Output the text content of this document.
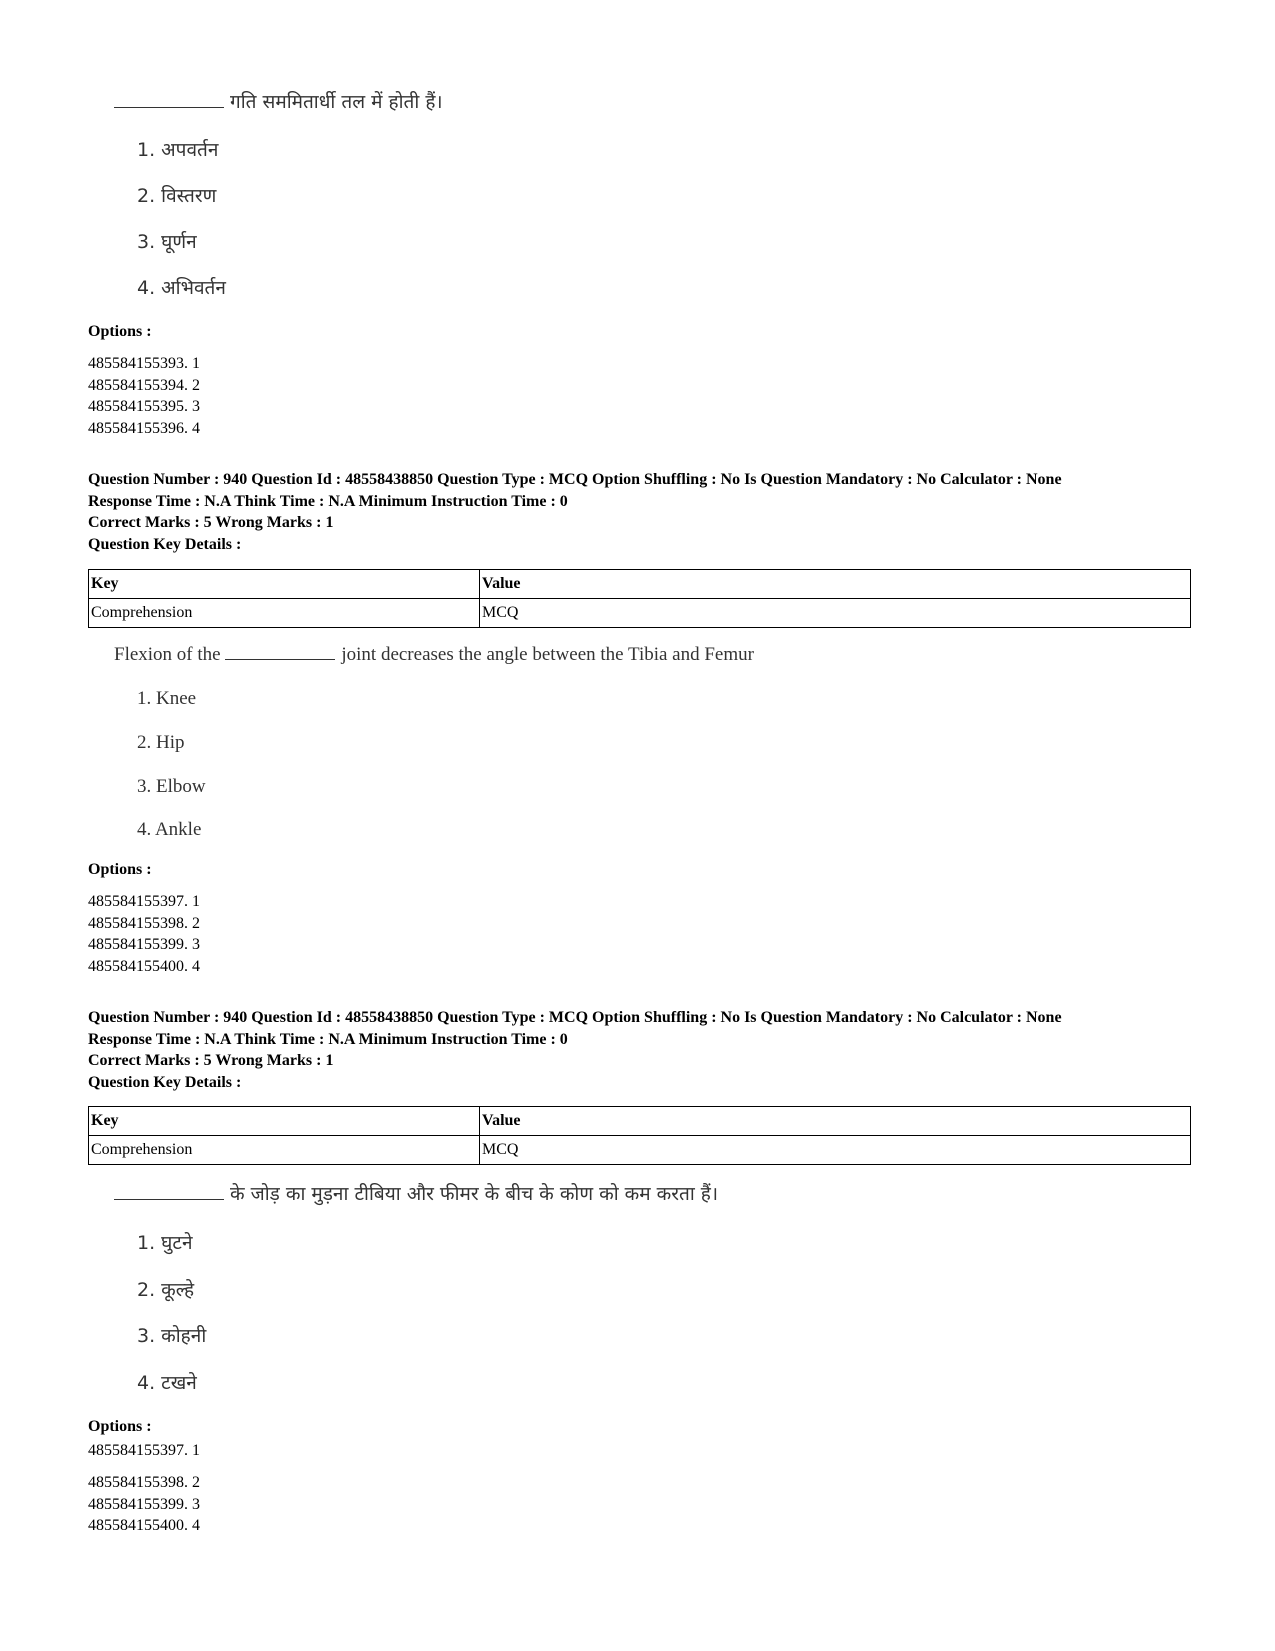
गति सममितार्धी तल में होती हैं।
1. अपवर्तन
2. विस्तरण
3. घूर्णन
4. अभिवर्तन
Options :
485584155393. 1
485584155394. 2
485584155395. 3
485584155396. 4
Question Number : 940 Question Id : 48558438850 Question Type : MCQ Option Shuffling : No Is Question Mandatory : No Calculator : None
Response Time : N.A Think Time : N.A Minimum Instruction Time : 0
Correct Marks : 5 Wrong Marks : 1
Question Key Details :
Key	Value
Comprehension	MCQ
Flexion of the	joint decreases the angle between the Tibia and Femur
1. Knee
2. Hip
3. Elbow
4. Ankle
Options :
485584155397. 1
485584155398. 2
485584155399. 3
485584155400. 4
Question Number : 940 Question Id : 48558438850 Question Type : MCQ Option Shuffling : No Is Question Mandatory : No Calculator : None
Response Time : N.A Think Time : N.A Minimum Instruction Time : 0
Correct Marks : 5 Wrong Marks : 1
Question Key Details :
Key	Value
Comprehension	MCQ
के जोड़ का मुड़ना टीबिया और फीमर के बीच के कोण को कम करता हैं।
1. घुटने
2. कूल्हे
3. कोहनी
4. टखने
Options :
485584155397. 1
485584155398. 2
485584155399. 3
485584155400. 4
